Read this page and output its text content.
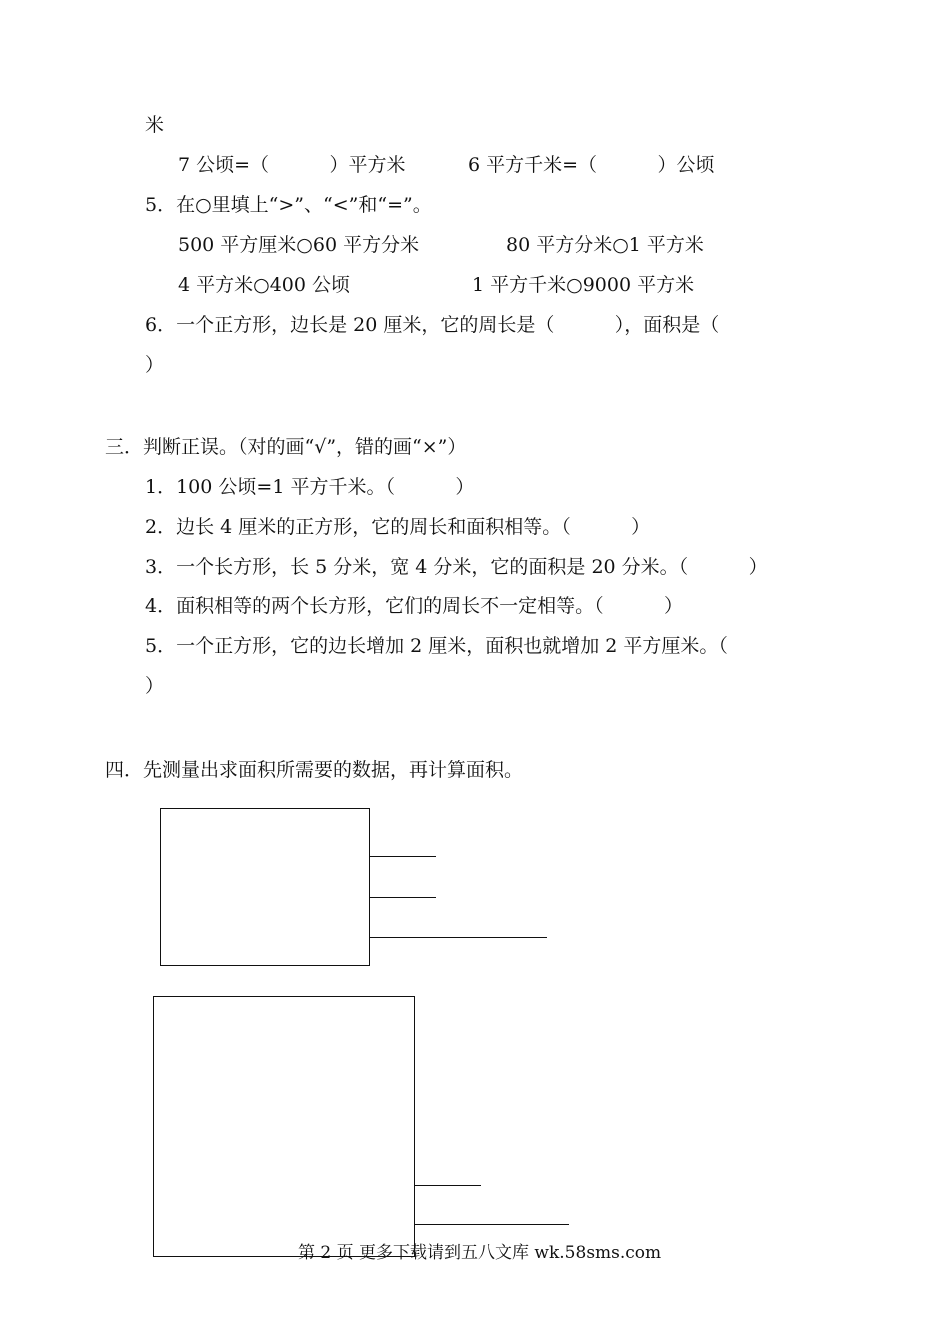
米
7 公顷=（          ）平方米	6 平方千米=（          ）公顷
5．在○里填上“>”、“<”和“=”。
500 平方厘米○60 平方分米	80 平方分米○1 平方米
4 平方米○400 公顷	1 平方千米○9000 平方米
6．一个正方形，边长是 20 厘米，它的周长是（          ），面积是（
）
三．判断正误。（对的画“√”，错的画“×”）
1．100 公顷=1 平方千米。（          ）
2．边长 4 厘米的正方形，它的周长和面积相等。（          ）
3．一个长方形，长 5 分米，宽 4 分米，它的面积是 20 分米。（          ）
4．面积相等的两个长方形，它们的周长不一定相等。（          ）
5．一个正方形，它的边长增加 2 厘米，面积也就增加 2 平方厘米。（
）
四．先测量出求面积所需要的数据，再计算面积。
第 2 页 更多下载请到五八文库 wk.58sms.com
